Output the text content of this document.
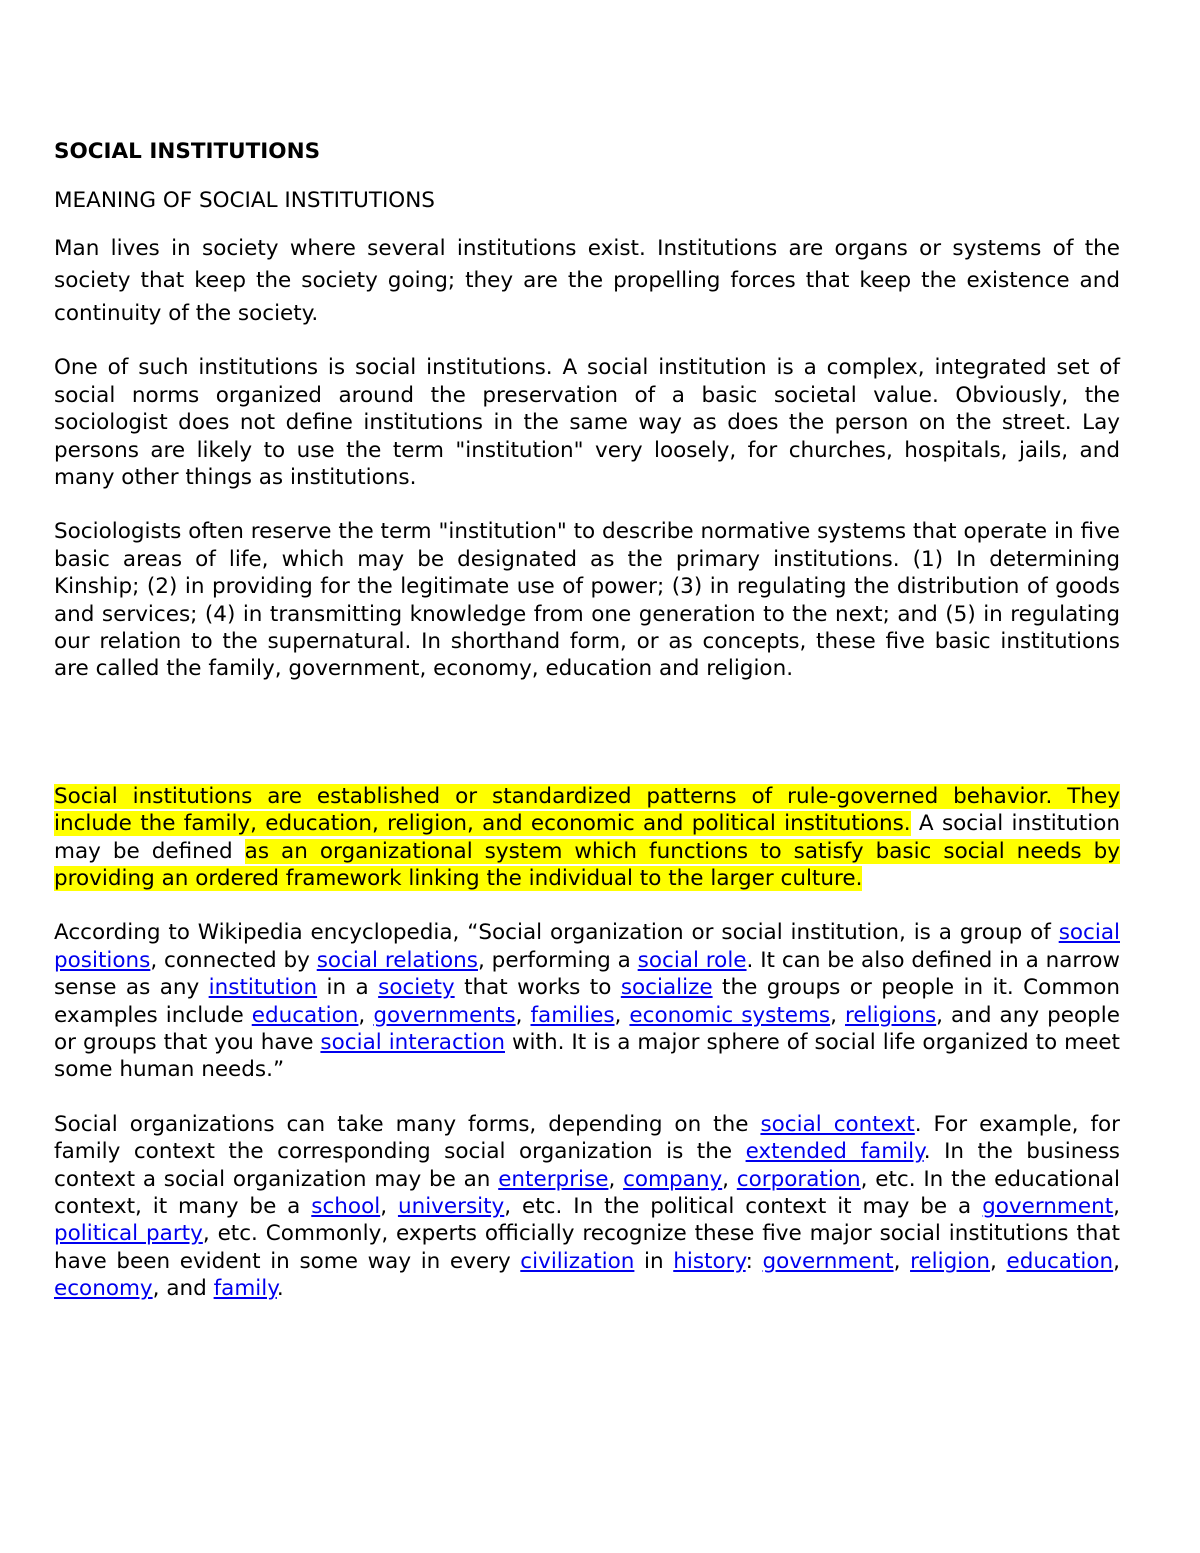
SOCIAL INSTITUTIONS
MEANING OF SOCIAL INSTITUTIONS

Man lives in society where several institutions exist. Institutions are organs or systems of the society that keep the society going; they are the propelling forces that keep the existence and continuity of the society.

One of such institutions is social institutions. A social institution is a complex, integrated set of social norms organized around the preservation of a basic societal value. Obviously, the sociologist does not define institutions in the same way as does the person on the street. Lay persons are likely to use the term "institution" very loosely, for churches, hospitals, jails, and many other things as institutions.

Sociologists often reserve the term "institution" to describe normative systems that operate in five basic areas of life, which may be designated as the primary institutions. (1) In determining Kinship; (2) in providing for the legitimate use of power; (3) in regulating the distribution of goods and services; (4) in transmitting knowledge from one generation to the next; and (5) in regulating our relation to the supernatural. In shorthand form, or as concepts, these five basic institutions are called the family, government, economy, education and religion.

Social institutions are established or standardized patterns of rule-governed behavior. They include the family, education, religion, and economic and political institutions. A social institution may be defined as an organizational system which functions to satisfy basic social needs by providing an ordered framework linking the individual to the larger culture.

According to Wikipedia encyclopedia, “Social organization or social institution, is a group of social positions, connected by social relations, performing a social role. It can be also defined in a narrow sense as any institution in a society that works to socialize the groups or people in it. Common examples include education, governments, families, economic systems, religions, and any people or groups that you have social interaction with. It is a major sphere of social life organized to meet some human needs.”

Social organizations can take many forms, depending on the social context. For example, for family context the corresponding social organization is the extended family. In the business context a social organization may be an enterprise, company, corporation, etc. In the educational context, it many be a school, university, etc. In the political context it may be a government, political party, etc. Commonly, experts officially recognize these five major social institutions that have been evident in some way in every civilization in history: government, religion, education, economy, and family.
